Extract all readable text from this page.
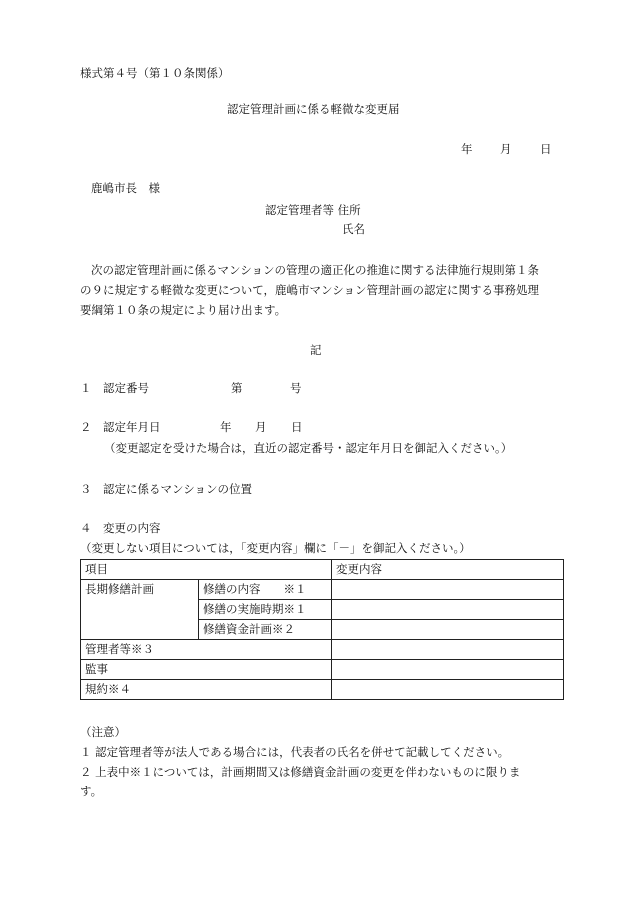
様式第４号（第１０条関係）
認定管理計画に係る軽微な変更届
年 月 日
鹿嶋市長　様
認定管理者等 住所
氏名
次の認定管理計画に係るマンションの管理の適正化の推進に関する法律施行規則第１条
の９に規定する軽微な変更について，鹿嶋市マンション管理計画の認定に関する事務処理
要綱第１０条の規定により届け出ます。
記
１　認定番号	第	号
２　認定年月日	年 月 日
（変更認定を受けた場合は，直近の認定番号・認定年月日を御記入ください。）
３　認定に係るマンションの位置
４　変更の内容
（変更しない項目については，「変更内容」欄に「－」を御記入ください。）
項目		変更内容
長期修繕計画	修繕の内容　　※１	
	修繕の実施時期※１	
	修繕資金計画※２	
管理者等※３		
監事		
規約※４		
（注意）
１ 認定管理者等が法人である場合には，代表者の氏名を併せて記載してください。
２ 上表中※１については，計画期間又は修繕資金計画の変更を伴わないものに限りま
す。
